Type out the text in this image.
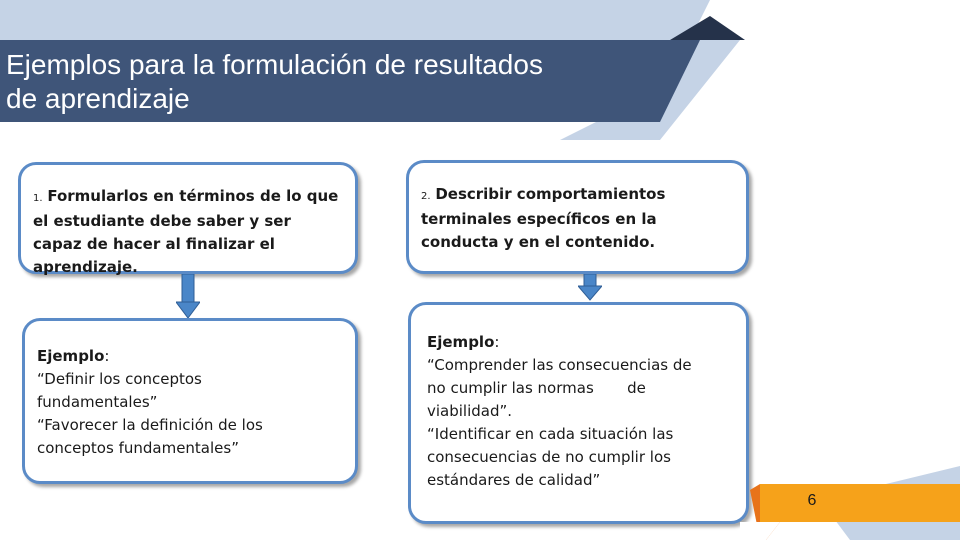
Ejemplos para la formulación de resultados de aprendizaje
1. Formularlos en términos de lo que el estudiante debe saber y ser capaz de hacer al finalizar el aprendizaje.
2. Describir comportamientos terminales específicos en la conducta y en el contenido.
Ejemplo:
“Definir los conceptos
fundamentales”
“Favorecer la definición de los
conceptos fundamentales”
Ejemplo:
“Comprender las consecuencias de
no cumplir las normas       de
viabilidad”.
“Identificar en cada situación las
consecuencias de no cumplir los
estándares de calidad”
6
